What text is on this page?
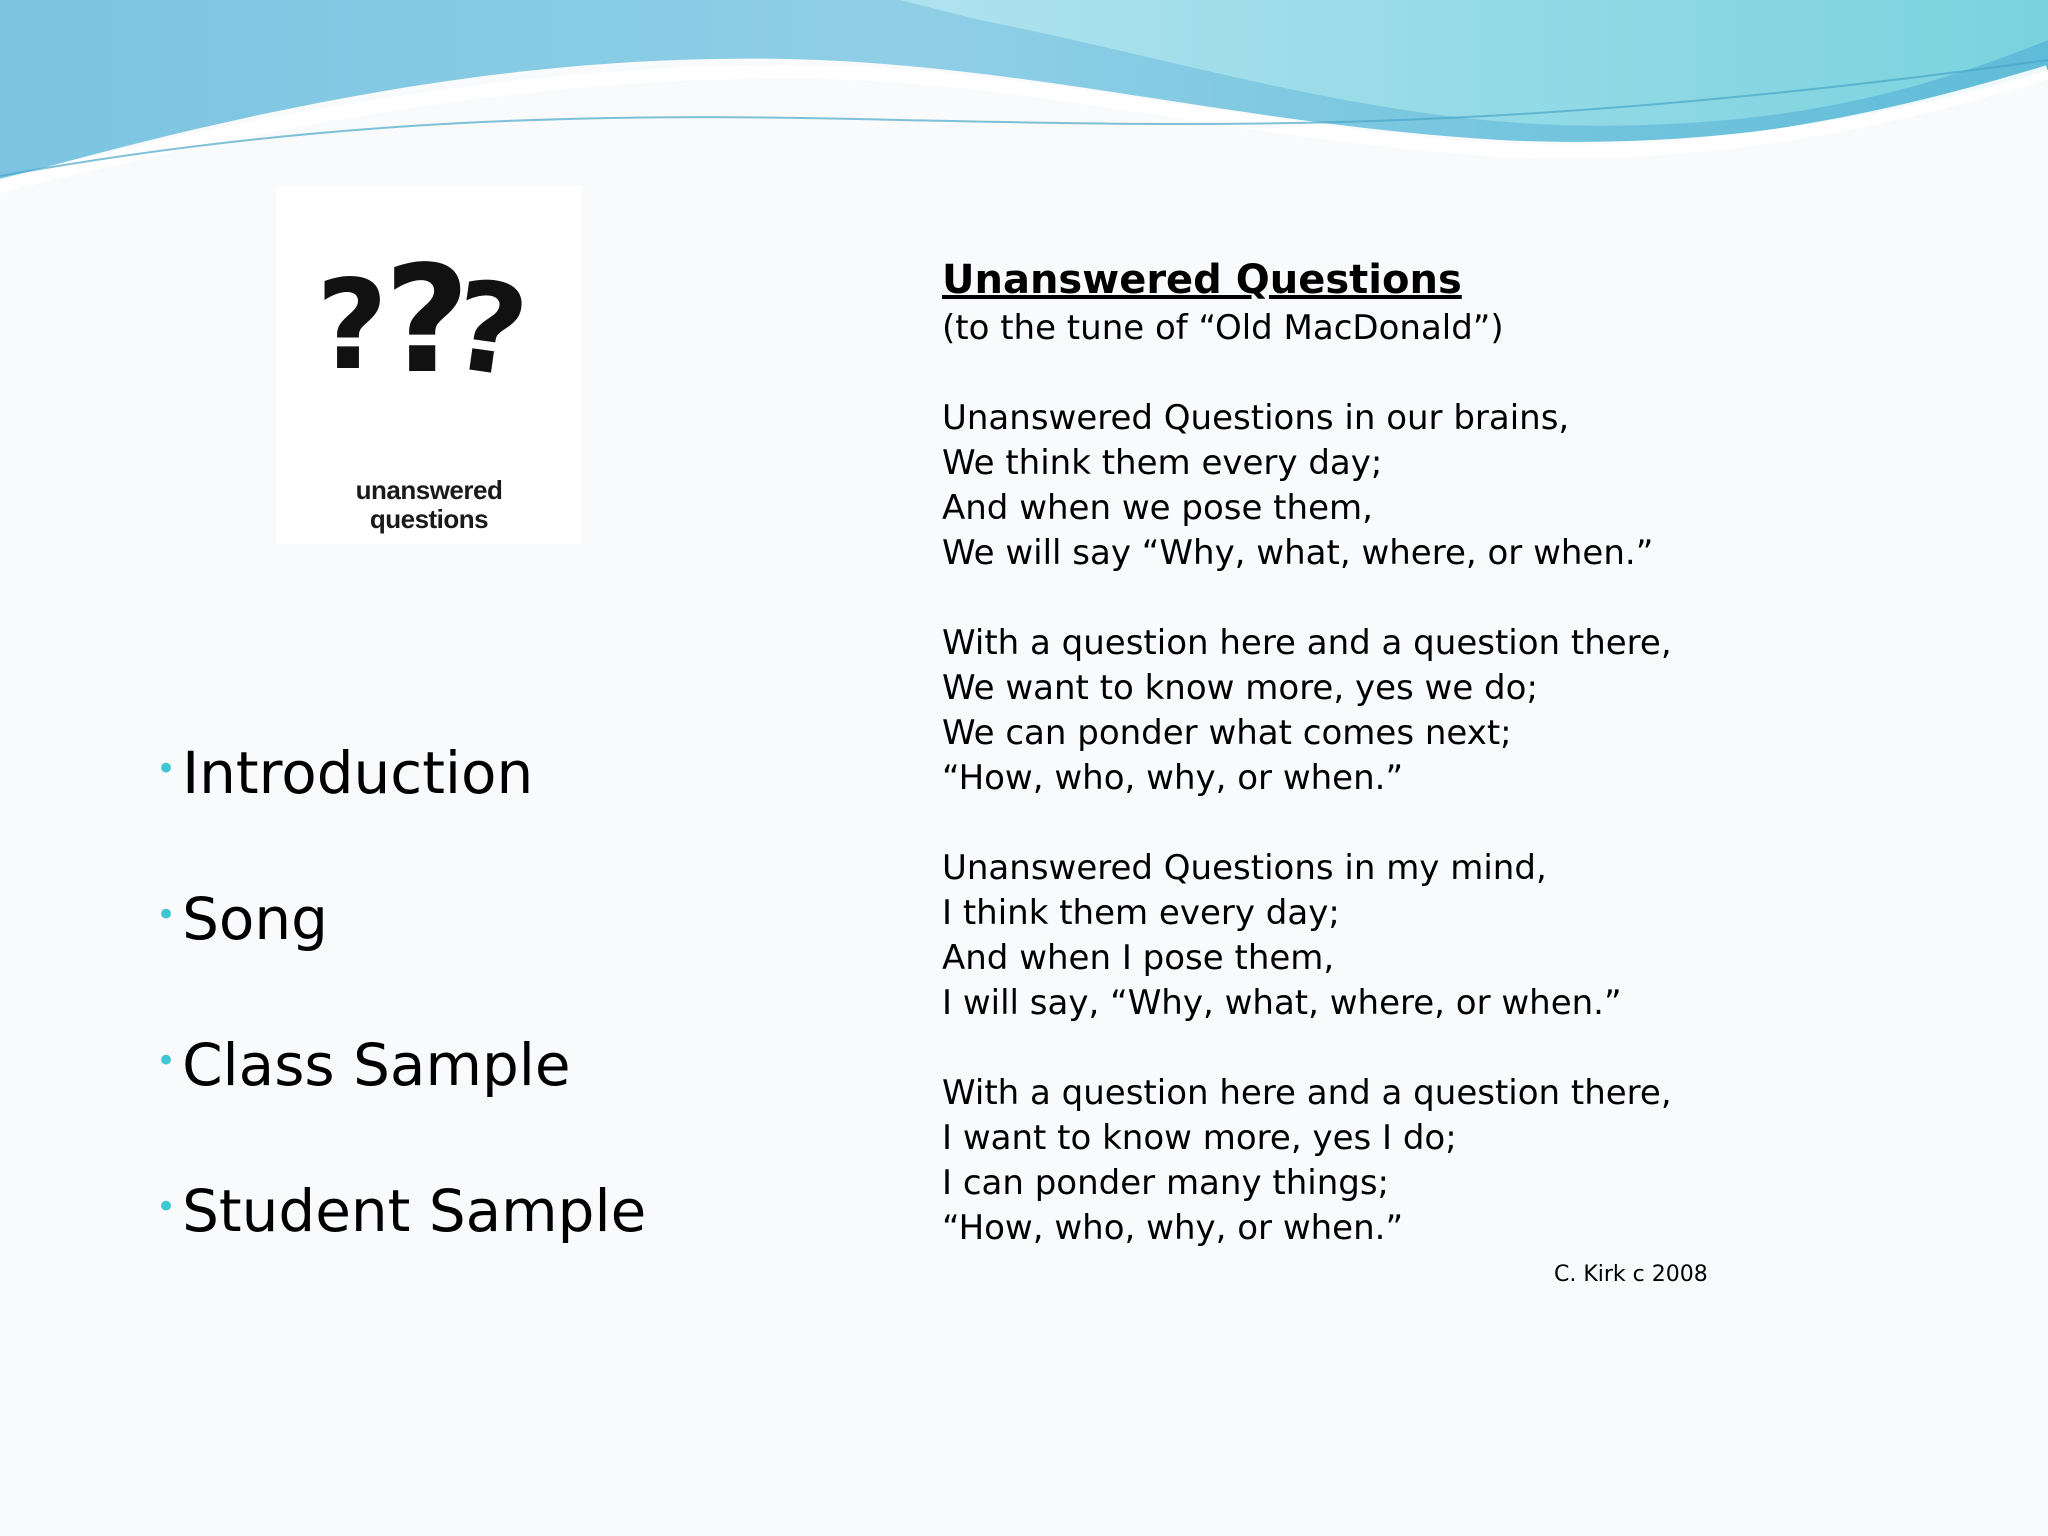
?
?
?
unanswered
questions
• Introduction
• Song
• Class Sample
• Student Sample
Unanswered Questions
(to the tune of “Old MacDonald”)
Unanswered Questions in our brains,
We think them every day;
And when we pose them,
We will say “Why, what, where, or when.”
With a question here and a question there,
We want to know more, yes we do;
We can ponder what comes next;
“How, who, why, or when.”
Unanswered Questions in my mind,
I think them every day;
And when I pose them,
I will say, “Why, what, where, or when.”
With a question here and a question there,
I want to know more, yes I do;
I can ponder many things;
“How, who, why, or when.”
C. Kirk c 2008
